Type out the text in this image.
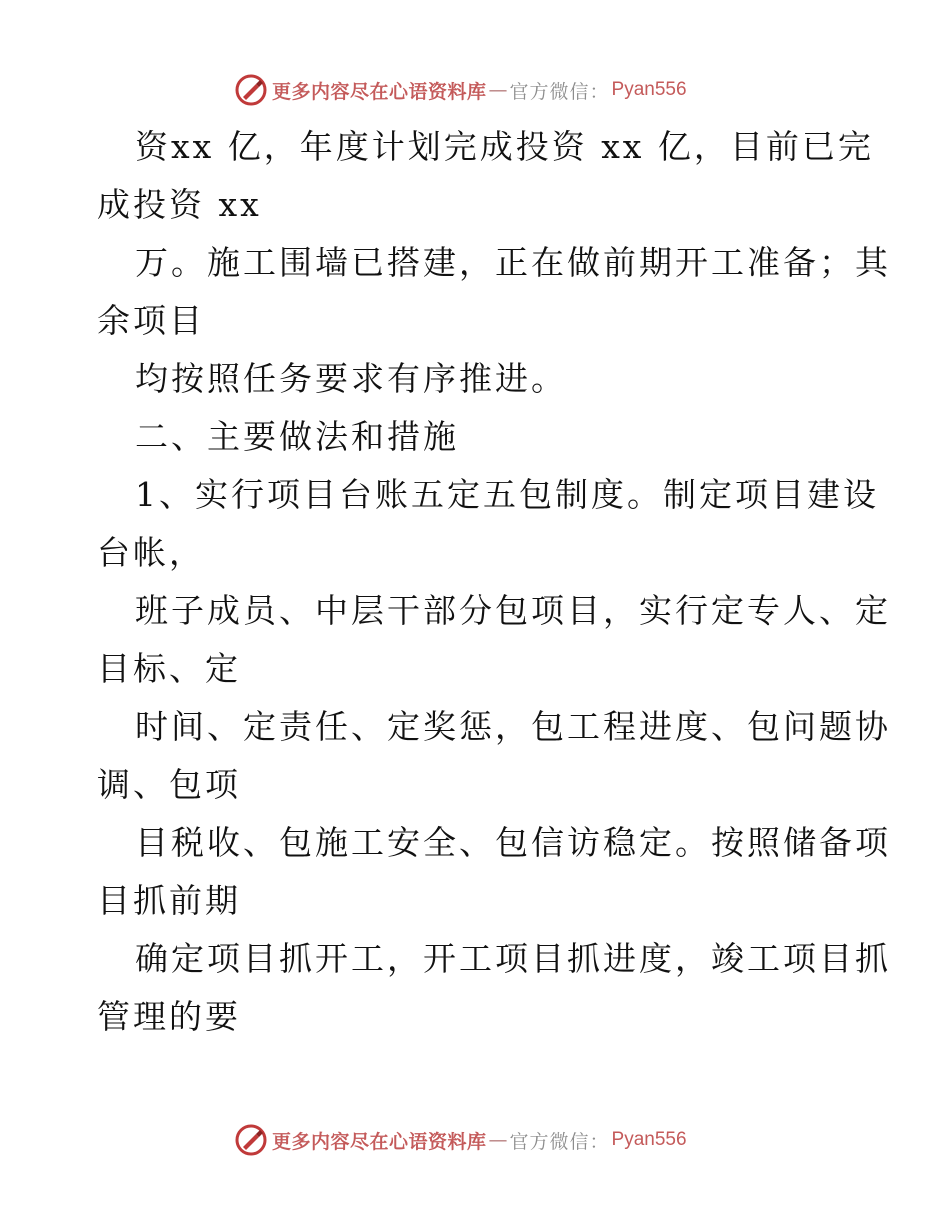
更多内容尽在心语资料库 — 官方微信： Pyan556
资xx 亿，年度计划完成投资 xx 亿，目前已完
成投资 xx
万。施工围墙已搭建，正在做前期开工准备；其
余项目
均按照任务要求有序推进。
二、主要做法和措施
1、实行项目台账五定五包制度。制定项目建设
台帐，
班子成员、中层干部分包项目，实行定专人、定
目标、定
时间、定责任、定奖惩，包工程进度、包问题协
调、包项
目税收、包施工安全、包信访稳定。按照储备项
目抓前期
确定项目抓开工，开工项目抓进度，竣工项目抓
管理的要
更多内容尽在心语资料库 — 官方微信： Pyan556
